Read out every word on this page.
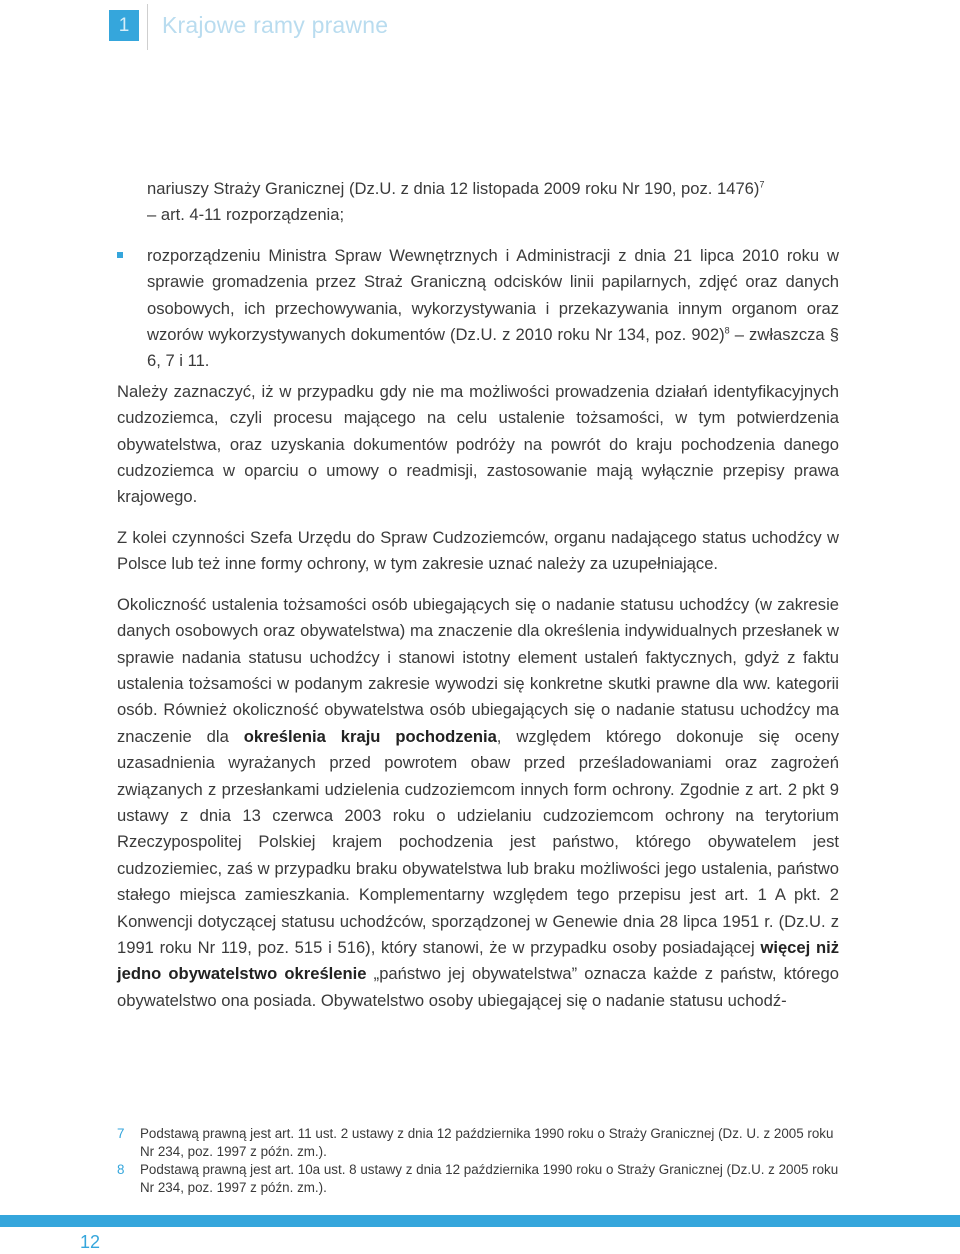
1 Krajowe ramy prawne

nariuszy Straży Granicznej (Dz.U. z dnia 12 listopada 2009 roku Nr 190, poz. 1476)$^7$
– art. 4-11 rozporządzenia;

rozporządzeniu Ministra Spraw Wewnętrznych i Administracji z dnia 21 lipca 2010 roku w sprawie gromadzenia przez Straż Graniczną odcisków linii papilarnych, zdjęć oraz danych osobowych, ich przechowywania, wykorzystywania i przekazywania innym organom oraz wzorów wykorzystywanych dokumentów (Dz.U. z 2010 roku Nr 134, poz. 902)$^8$ – zwłaszcza § 6, 7 i 11.

Należy zaznaczyć, iż w przypadku gdy nie ma możliwości prowadzenia działań identyfikacyjnych cudzoziemca, czyli procesu mającego na celu ustalenie tożsamości, w tym potwierdzenia obywatelstwa, oraz uzyskania dokumentów podróży na powrót do kraju pochodzenia danego cudzoziemca w oparciu o umowy o readmisji, zastosowanie mają wyłącznie przepisy prawa krajowego.

Z kolei czynności Szefa Urzędu do Spraw Cudzoziemców, organu nadającego status uchodźcy w Polsce lub też inne formy ochrony, w tym zakresie uznać należy za uzupełniające.

Okoliczność ustalenia tożsamości osób ubiegających się o nadanie statusu uchodźcy (w zakresie danych osobowych oraz obywatelstwa) ma znaczenie dla określenia indywidualnych przesłanek w sprawie nadania statusu uchodźcy i stanowi istotny element ustaleń faktycznych, gdyż z faktu ustalenia tożsamości w podanym zakresie wywodzi się konkretne skutki prawne dla ww. kategorii osób. Również okoliczność obywatelstwa osób ubiegających się o nadanie statusu uchodźcy ma znaczenie dla określenia kraju pochodzenia, względem którego dokonuje się oceny uzasadnienia wyrażanych przed powrotem obaw przed prześladowaniami oraz zagrożeń związanych z przesłankami udzielenia cudzoziemcom innych form ochrony. Zgodnie z art. 2 pkt 9 ustawy z dnia 13 czerwca 2003 roku o udzielaniu cudzoziemcom ochrony na terytorium Rzeczypospolitej Polskiej krajem pochodzenia jest państwo, którego obywatelem jest cudzoziemiec, zaś w przypadku braku obywatelstwa lub braku możliwości jego ustalenia, państwo stałego miejsca zamieszkania. Komplementarny względem tego przepisu jest art. 1 A pkt. 2 Konwencji dotyczącej statusu uchodźców, sporządzonej w Genewie dnia 28 lipca 1951 r. (Dz.U. z 1991 roku Nr 119, poz. 515 i 516), który stanowi, że w przypadku osoby posiadającej więcej niż jedno obywatelstwo określenie „państwo jej obywatelstwa” oznacza każde z państw, którego obywatelstwo ona posiada. Obywatelstwo osoby ubiegającej się o nadanie statusu uchodź-

7	Podstawą prawną jest art. 11 ust. 2 ustawy z dnia 12 października 1990 roku o Straży Granicznej (Dz. U. z 2005 roku Nr 234, poz. 1997 z późn. zm.).
8	Podstawą prawną jest art. 10a ust. 8 ustawy z dnia 12 października 1990 roku o Straży Granicznej (Dz.U. z 2005 roku Nr 234, poz. 1997 z późn. zm.).
12
